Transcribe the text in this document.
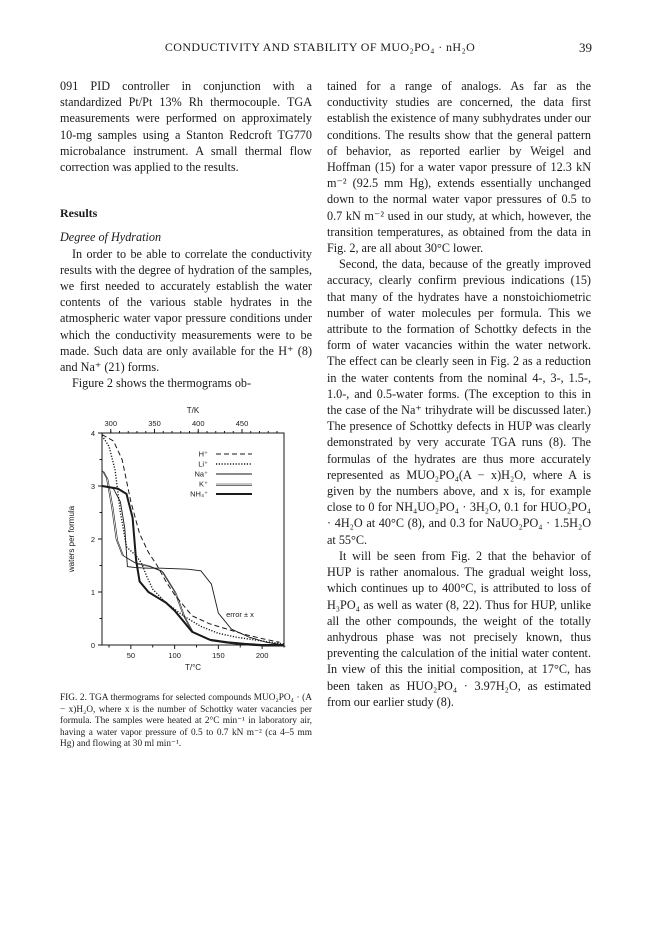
CONDUCTIVITY AND STABILITY OF MUO₂PO₄ · nH₂O	39

091 PID controller in conjunction with a standardized Pt/Pt 13% Rh thermocouple. TGA measurements were performed on approximately 10-mg samples using a Stanton Redcroft TG770 microbalance instrument. A small thermal flow correction was applied to the results.

Results

Degree of Hydration

In order to be able to correlate the conductivity results with the degree of hydration of the samples, we first needed to accurately establish the water contents of the various stable hydrates in the atmospheric water vapor pressure conditions under which the conductivity measurements were to be made. Such data are only available for the H⁺ (8) and Na⁺ (21) forms.

Figure 2 shows the thermograms ob-

50	100	150	200
300	350	400	450
0
1
2
3
4
T/°C
T/K
waters per formula
H⁺
Li⁺
Na⁺
K⁺
NH₄⁺
error ± x

FIG. 2. TGA thermograms for selected compounds MUO₂PO₄ · (A − x)H₂O, where x is the number of Schottky water vacancies per formula. The samples were heated at 2°C min⁻¹ in laboratory air, having a water vapor pressure of 0.5 to 0.7 kN m⁻² (ca 4–5 mm Hg) and flowing at 30 ml min⁻¹.

tained for a range of analogs. As far as the conductivity studies are concerned, the data first establish the existence of many subhydrates under our conditions. The results show that the general pattern of behavior, as reported earlier by Weigel and Hoffman (15) for a water vapor pressure of 12.3 kN m⁻² (92.5 mm Hg), extends essentially unchanged down to the normal water vapor pressures of 0.5 to 0.7 kN m⁻² used in our study, at which, however, the transition temperatures, as obtained from the data in Fig. 2, are all about 30°C lower.

Second, the data, because of the greatly improved accuracy, clearly confirm previous indications (15) that many of the hydrates have a nonstoichiometric number of water molecules per formula. This we attribute to the formation of Schottky defects in the form of water vacancies within the water network. The effect can be clearly seen in Fig. 2 as a reduction in the water contents from the nominal 4-, 3-, 1.5-, 1.0-, and 0.5-water forms. (The exception to this in the case of the Na⁺ trihydrate will be discussed later.) The presence of Schottky defects in HUP was clearly demonstrated by very accurate TGA runs (8). The formulas of the hydrates are thus more accurately represented as MUO₂PO₄(A − x)H₂O, where A is given by the numbers above, and x is, for example close to 0 for NH₄UO₂PO₄ · 3H₂O, 0.1 for HUO₂PO₄ · 4H₂O at 40°C (8), and 0.3 for NaUO₂PO₄ · 1.5H₂O at 55°C.

It will be seen from Fig. 2 that the behavior of HUP is rather anomalous. The gradual weight loss, which continues up to 400°C, is attributed to loss of H₃PO₄ as well as water (8, 22). Thus for HUP, unlike all the other compounds, the weight of the totally anhydrous phase was not precisely known, thus preventing the calculation of the initial water content. In view of this the initial composition, at 17°C, has been taken as HUO₂PO₄ · 3.97H₂O, as estimated from our earlier study (8).
